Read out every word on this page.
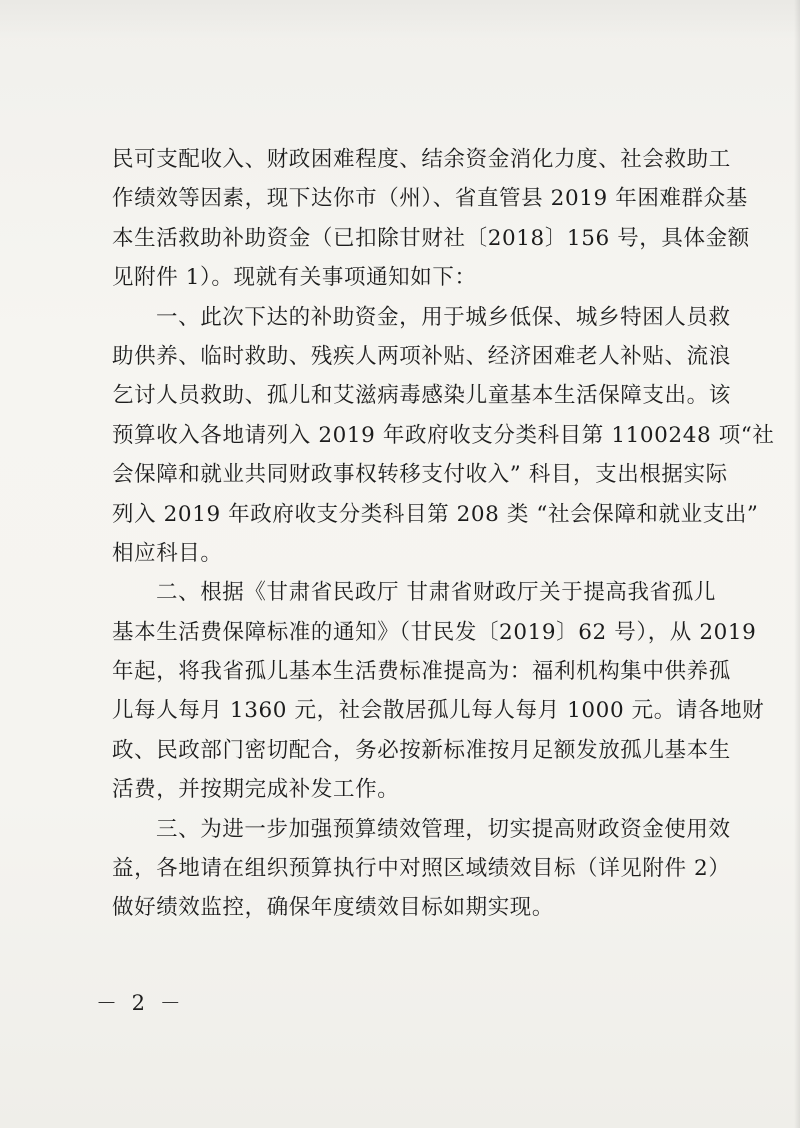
民可支配收入、财政困难程度、结余资金消化力度、社会救助工
作绩效等因素，现下达你市（州）、省直管县 2019 年困难群众基
本生活救助补助资金（已扣除甘财社〔2018〕156 号，具体金额
见附件 1）。现就有关事项通知如下：
一、此次下达的补助资金，用于城乡低保、城乡特困人员救
助供养、临时救助、残疾人两项补贴、经济困难老人补贴、流浪
乞讨人员救助、孤儿和艾滋病毒感染儿童基本生活保障支出。该
预算收入各地请列入 2019 年政府收支分类科目第 1100248 项“社
会保障和就业共同财政事权转移支付收入” 科目，支出根据实际
列入 2019 年政府收支分类科目第 208 类 “社会保障和就业支出”
相应科目。
二、根据《甘肃省民政厅 甘肃省财政厅关于提高我省孤儿
基本生活费保障标准的通知》（甘民发〔2019〕62 号），从 2019
年起，将我省孤儿基本生活费标准提高为：福利机构集中供养孤
儿每人每月 1360 元，社会散居孤儿每人每月 1000 元。请各地财
政、民政部门密切配合，务必按新标准按月足额发放孤儿基本生
活费，并按期完成补发工作。
三、为进一步加强预算绩效管理，切实提高财政资金使用效
益，各地请在组织预算执行中对照区域绩效目标（详见附件 2）
做好绩效监控，确保年度绩效目标如期实现。
－ 2 －
